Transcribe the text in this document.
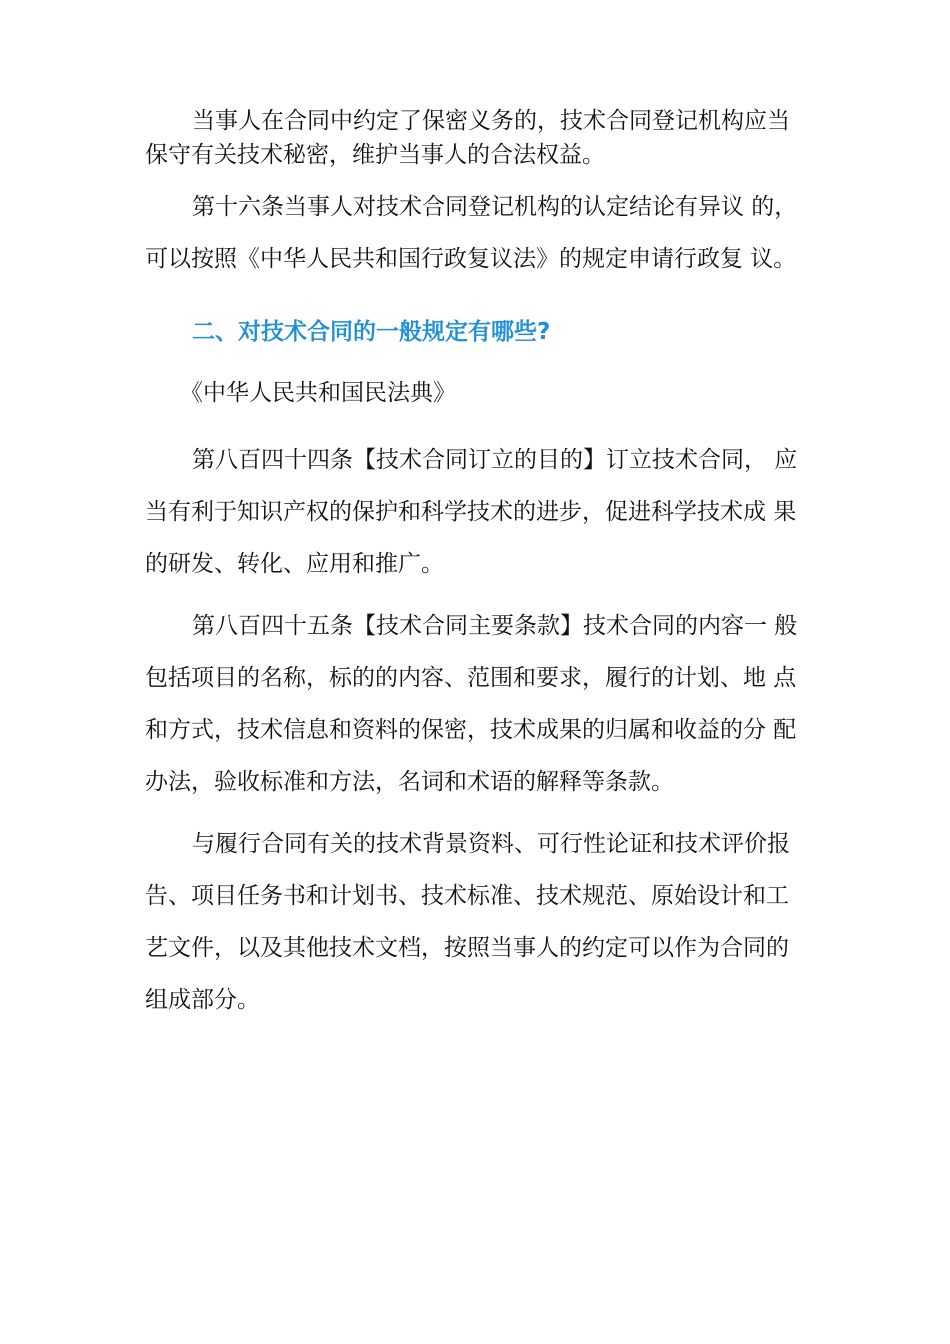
当事人在合同中约定了保密义务的，技术合同登记机构应当
保守有关技术秘密，维护当事人的合法权益。
第十六条当事人对技术合同登记机构的认定结论有异议 的，
可以按照《中华人民共和国行政复议法》的规定申请行政复 议。
二、对技术合同的一般规定有哪些?
《中华人民共和国民法典》
第八百四十四条【技术合同订立的目的】订立技术合同， 应
当有利于知识产权的保护和科学技术的进步，促进科学技术成 果
的研发、转化、应用和推广。
第八百四十五条【技术合同主要条款】技术合同的内容一 般
包括项目的名称，标的的内容、范围和要求，履行的计划、地 点
和方式，技术信息和资料的保密，技术成果的归属和收益的分 配
办法，验收标准和方法，名词和术语的解释等条款。
与履行合同有关的技术背景资料、可行性论证和技术评价报
告、项目任务书和计划书、技术标准、技术规范、原始设计和工
艺文件，以及其他技术文档，按照当事人的约定可以作为合同的
组成部分。
